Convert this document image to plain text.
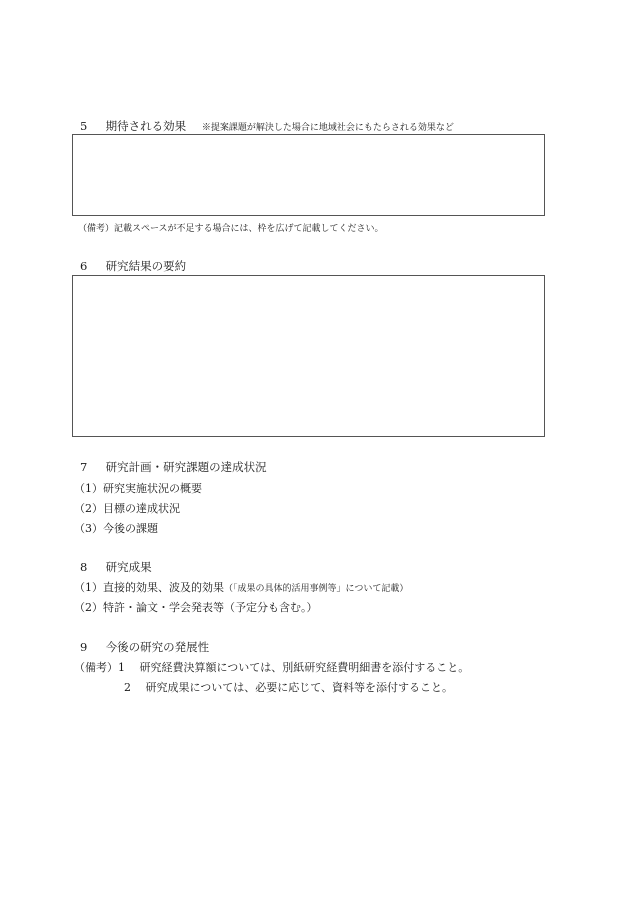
5 期待される効果 ※提案課題が解決した場合に地域社会にもたらされる効果など
（備考）記載スペースが不足する場合には、枠を広げて記載してください。
6 研究結果の要約
7 研究計画・研究課題の達成状況
（1）研究実施状況の概要
（2）目標の達成状況
（3）今後の課題
8 研究成果
（1）直接的効果、波及的効果（「成果の具体的活用事例等」について記載）
（2）特許・論文・学会発表等（予定分も含む。）
9 今後の研究の発展性
（備考）1 研究経費決算額については、別紙研究経費明細書を添付すること。
2 研究成果については、必要に応じて、資料等を添付すること。
